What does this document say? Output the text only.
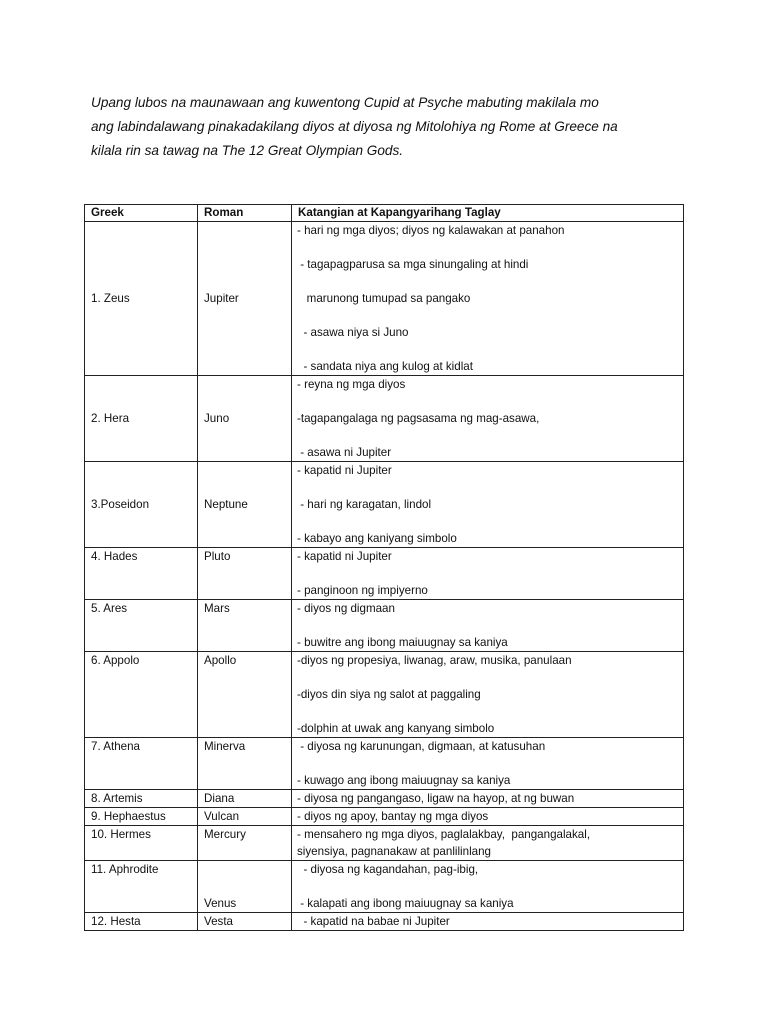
Upang lubos na maunawaan ang kuwentong Cupid at Psyche mabuting makilala mo
ang labindalawang pinakadakilang diyos at diyosa ng Mitolohiya ng Rome at Greece na
kilala rin sa tawag na The 12 Great Olympian Gods.

Greek	Roman	Katangian at Kapangyarihang Taglay
1. Zeus	Jupiter	- hari ng mga diyos; diyos ng kalawakan at panahon

- tagapagparusa sa mga sinungaling at hindi

marunong tumupad sa pangako

- asawa niya si Juno

- sandata niya ang kulog at kidlat

2. Hera	Juno	- reyna ng mga diyos

-tagapangalaga ng pagsasama ng mag-asawa,

- asawa ni Jupiter

3.Poseidon	Neptune	- kapatid ni Jupiter

- hari ng karagatan, lindol

- kabayo ang kaniyang simbolo

4. Hades	Pluto	- kapatid ni Jupiter

- panginoon ng impiyerno

5. Ares	Mars	- diyos ng digmaan

- buwitre ang ibong maiuugnay sa kaniya

6. Appolo	Apollo	-diyos ng propesiya, liwanag, araw, musika, panulaan

-diyos din siya ng salot at paggaling

-dolphin at uwak ang kanyang simbolo

7. Athena	Minerva	- diyosa ng karunungan, digmaan, at katusuhan

- kuwago ang ibong maiuugnay sa kaniya

8. Artemis	Diana	- diyosa ng pangangaso, ligaw na hayop, at ng buwan

9. Hephaestus	Vulcan	- diyos ng apoy, bantay ng mga diyos

10. Hermes	Mercury	- mensahero ng mga diyos, paglalakbay,  pangangalakal,
siyensiya, pagnanakaw at panlilinlang

11. Aphrodite	Venus	- diyosa ng kagandahan, pag-ibig,

- kalapati ang ibong maiuugnay sa kaniya

12. Hesta	Vesta	- kapatid na babae ni Jupiter
